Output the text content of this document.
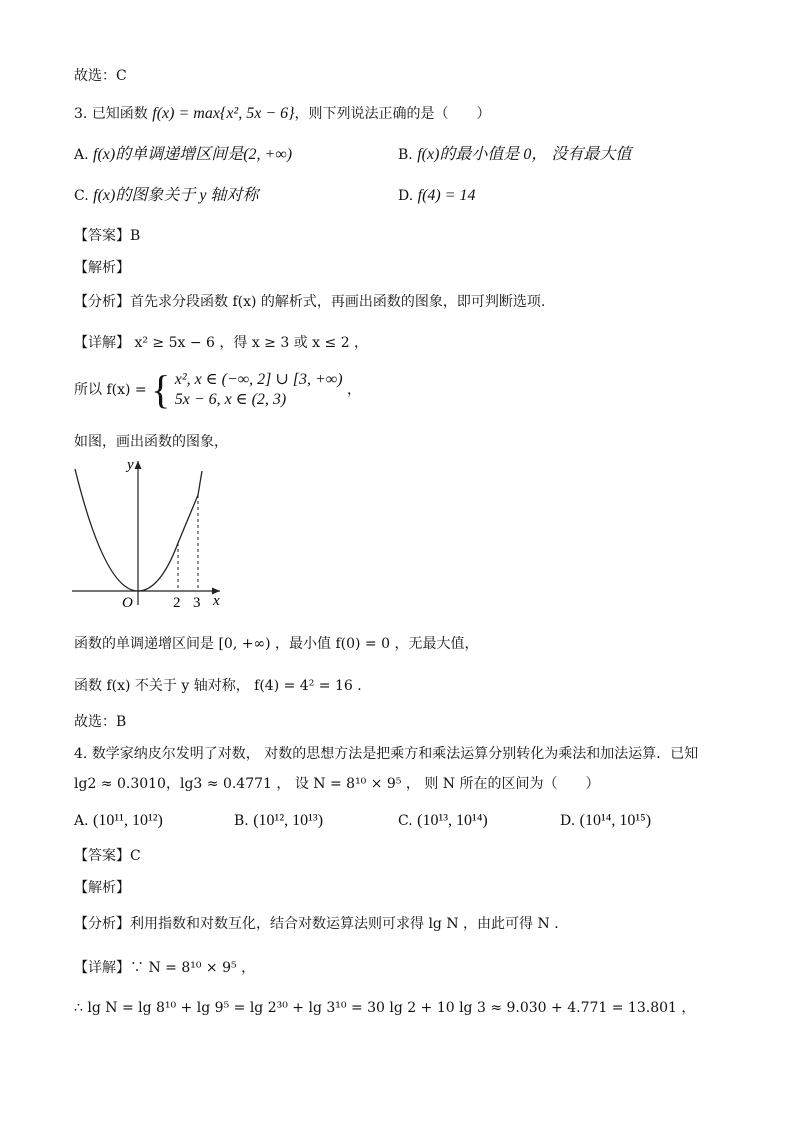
故选：C
3. 已知函数 f(x) = max{x², 5x − 6}，则下列说法正确的是（　　）
A. f(x)的单调递增区间是(2, +∞)	B. f(x)的最小值是 0， 没有最大值
C. f(x)的图象关于 y 轴对称	D. f(4) = 14
【答案】B
【解析】
【分析】首先求分段函数 f(x) 的解析式，再画出函数的图象，即可判断选项.
【详解】 x² ≥ 5x − 6 ，得 x ≥ 3 或 x ≤ 2 ，
所以 f(x) = { x², x ∈ (−∞, 2] ∪ [3, +∞)
5x − 6, x ∈ (2, 3)
，
如图，画出函数的图象，
y
x
O	2 3
函数的单调递增区间是 [0, +∞) ，最小值 f(0) = 0 ，无最大值，
函数 f(x) 不关于 y 轴对称， f(4) = 4² = 16 .
故选：B
4. 数学家纳皮尔发明了对数， 对数的思想方法是把乘方和乘法运算分别转化为乘法和加法运算．已知
lg2 ≈ 0.3010，lg3 ≈ 0.4771 ， 设 N = 8¹⁰ × 9⁵ ， 则 N 所在的区间为（　　）
A. (10¹¹, 10¹²)	B. (10¹², 10¹³)	C. (10¹³, 10¹⁴)	D. (10¹⁴, 10¹⁵)
【答案】C
【解析】
【分析】利用指数和对数互化，结合对数运算法则可求得 lg N ，由此可得 N .
【详解】∵ N = 8¹⁰ × 9⁵ ，
∴ lg N = lg 8¹⁰ + lg 9⁵ = lg 2³⁰ + lg 3¹⁰ = 30 lg 2 + 10 lg 3 ≈ 9.030 + 4.771 = 13.801 ，
